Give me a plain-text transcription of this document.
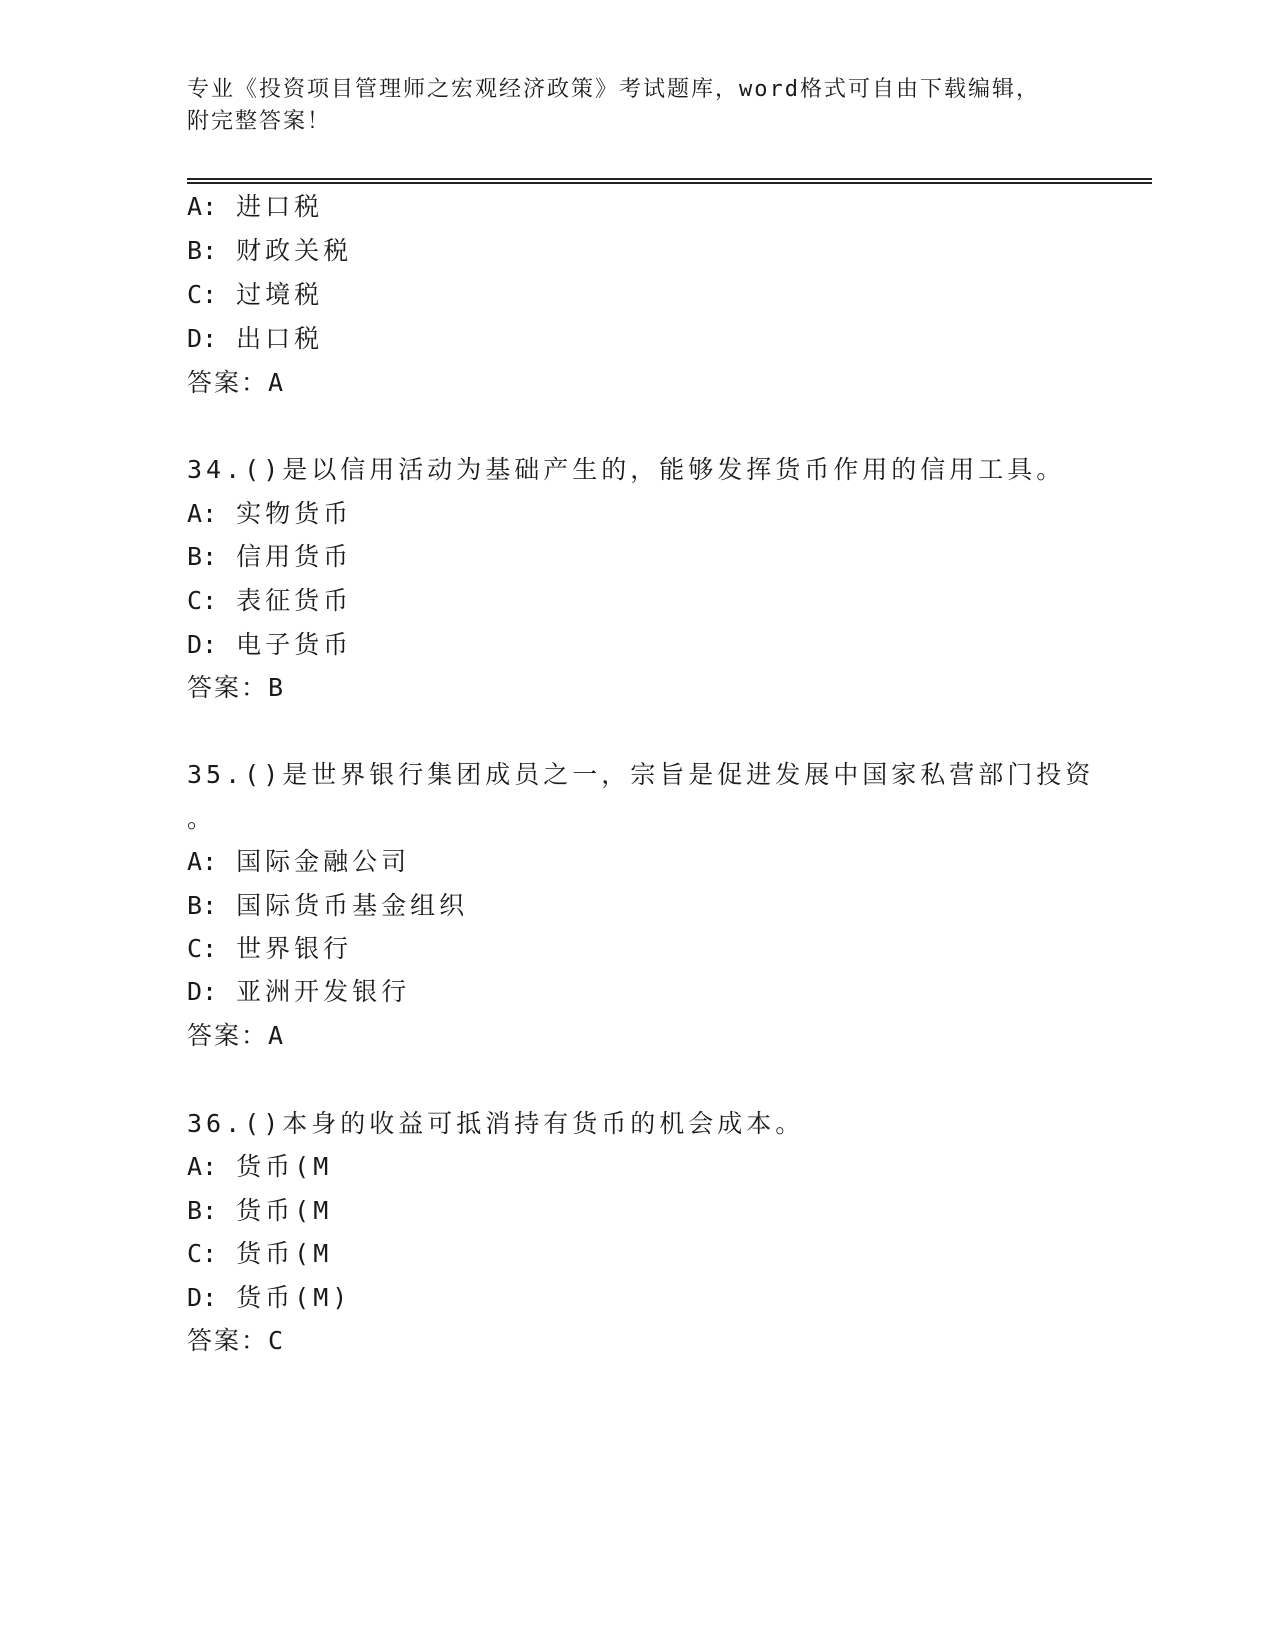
专业《投资项目管理师之宏观经济政策》考试题库，word格式可自由下载编辑，
附完整答案！
A: 进口税
B: 财政关税
C: 过境税
D: 出口税
答案：A
34.()是以信用活动为基础产生的，能够发挥货币作用的信用工具。
A: 实物货币
B: 信用货币
C: 表征货币
D: 电子货币
答案：B
35.()是世界银行集团成员之一，宗旨是促进发展中国家私营部门投资
。
A: 国际金融公司
B: 国际货币基金组织
C: 世界银行
D: 亚洲开发银行
答案：A
36.()本身的收益可抵消持有货币的机会成本。
A: 货币(M
B: 货币(M
C: 货币(M
D: 货币(M)
答案：C
